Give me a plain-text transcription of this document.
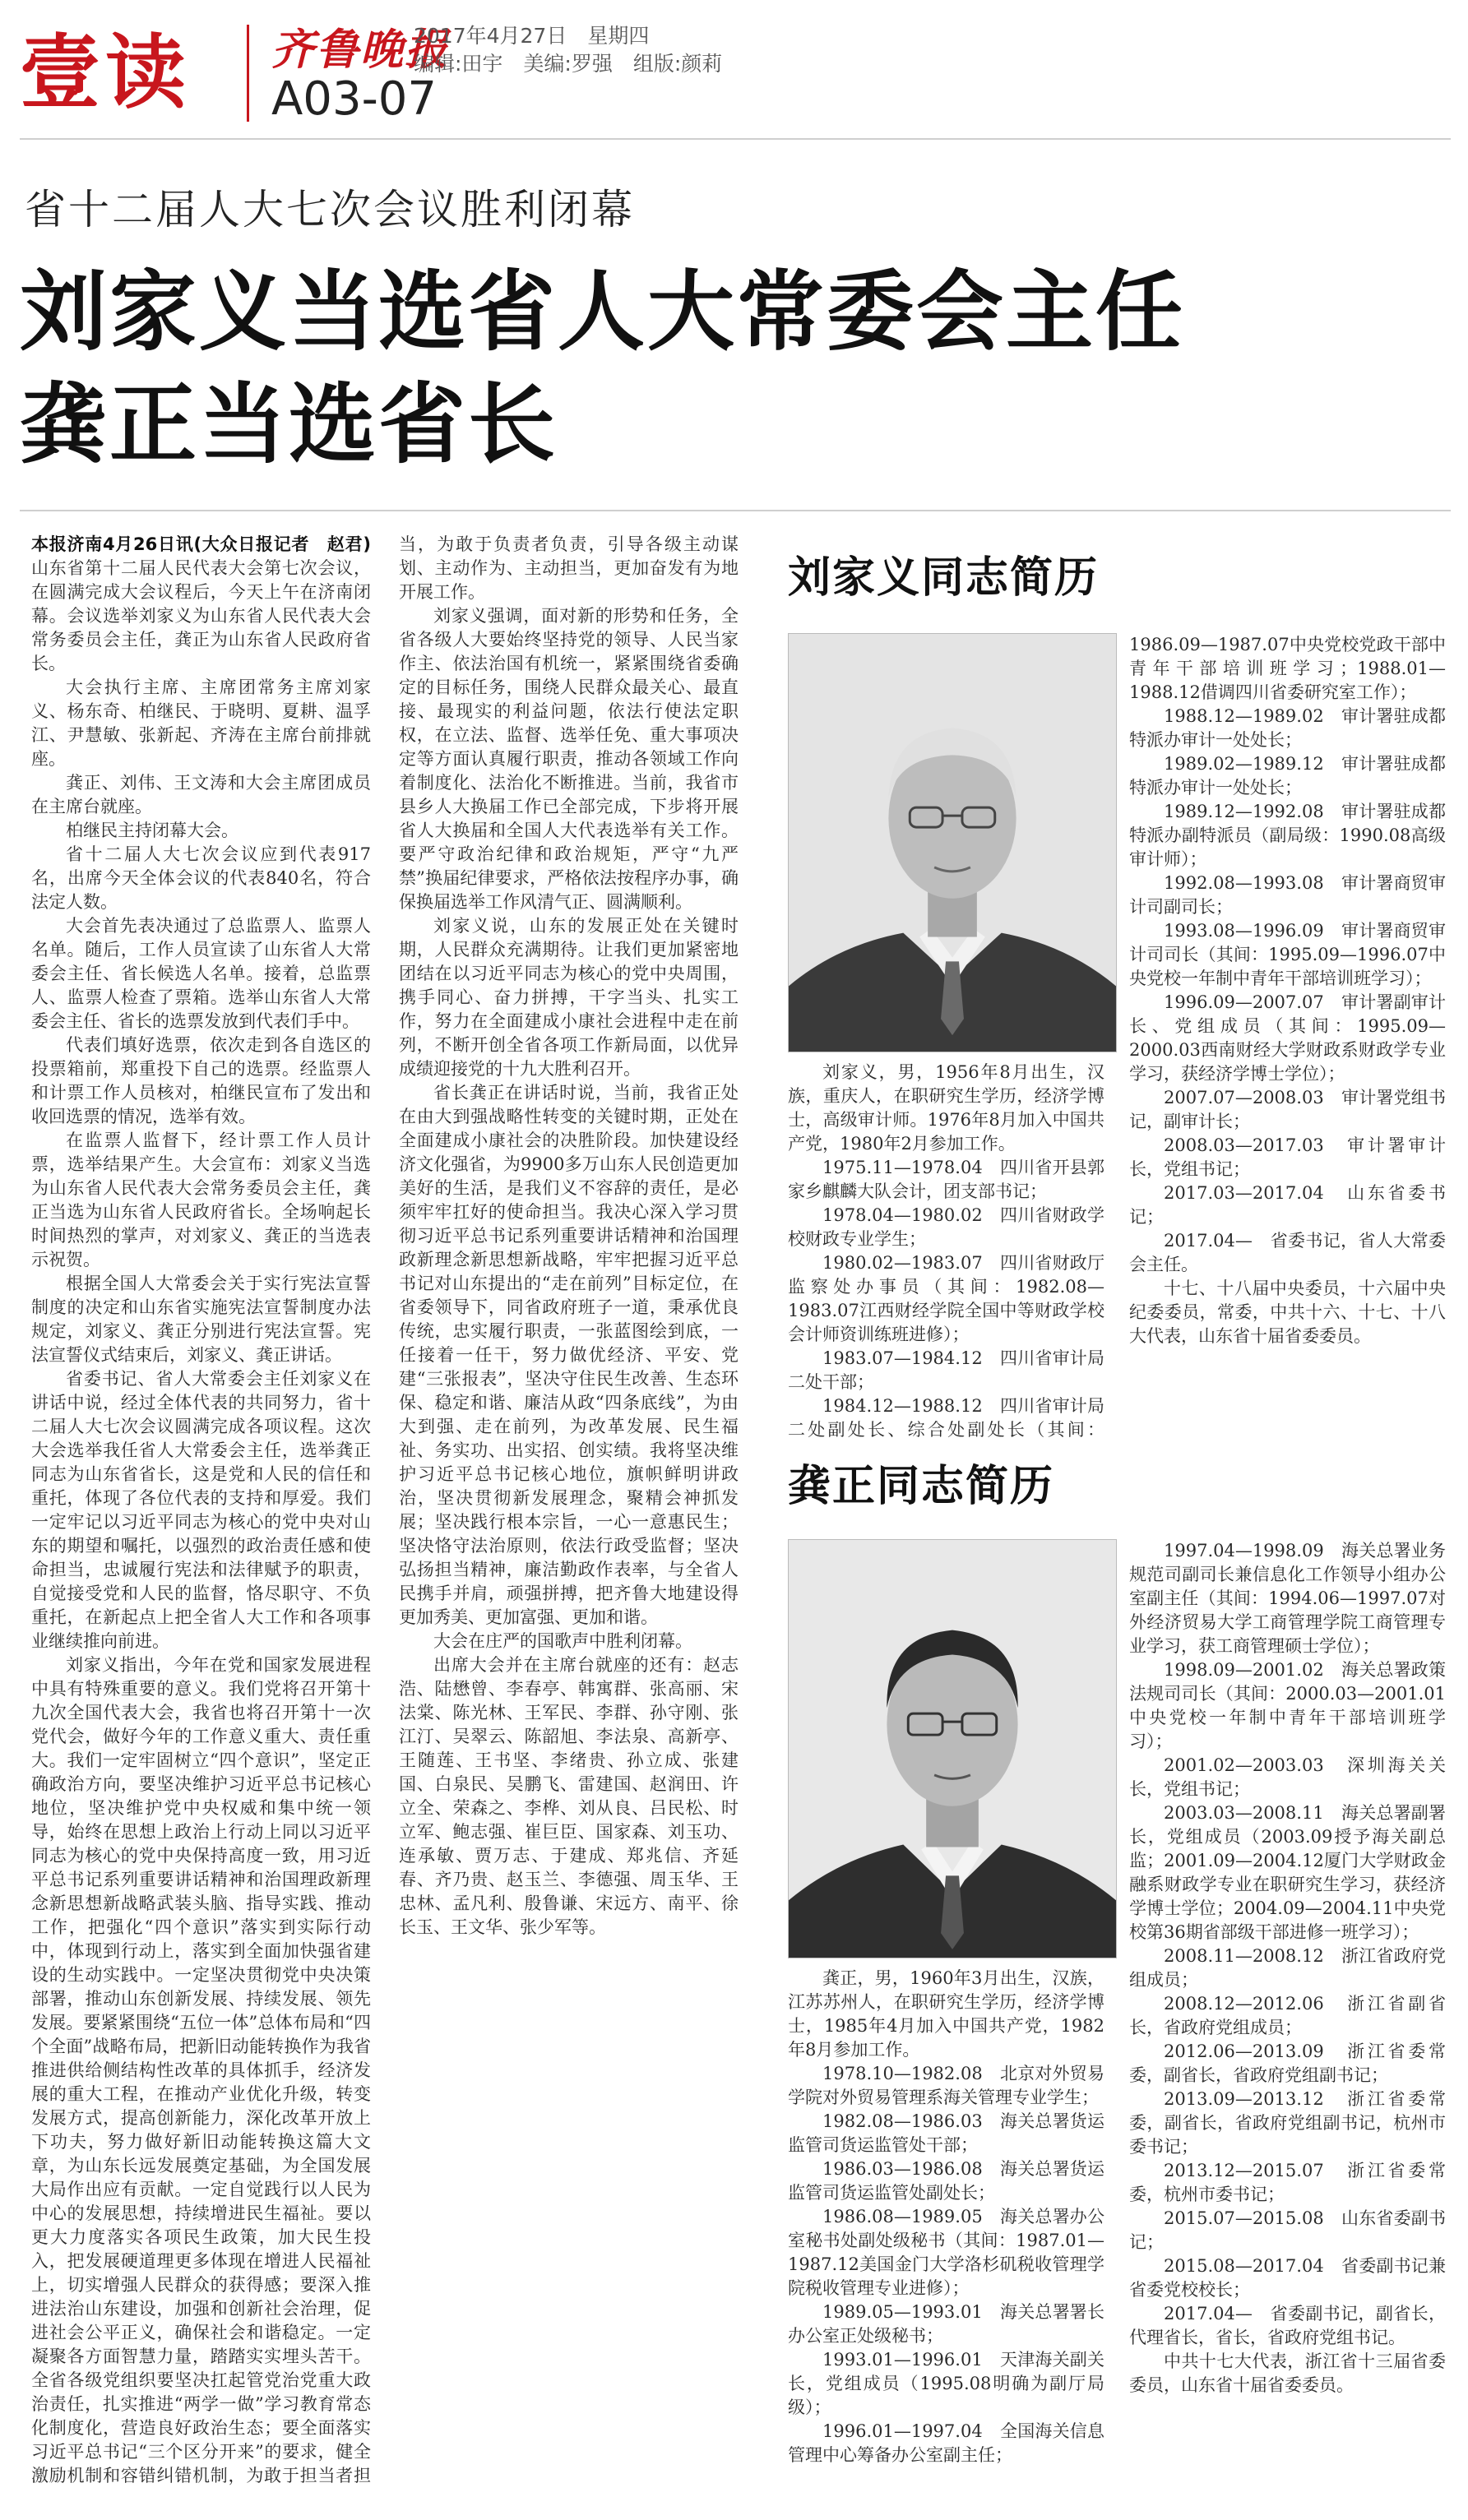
壹读 齐鲁晚报
A03-07
2017年4月27日　星期四
编辑:田宇　美编:罗强　组版:颜莉
省十二届人大七次会议胜利闭幕
刘家义当选省人大常委会主任
龚正当选省长

本报济南4月26日讯(大众日报记者　赵君)　山东省第十二届人民代表大会第七次会议，在圆满完成大会议程后，今天上午在济南闭幕。会议选举刘家义为山东省人民代表大会常务委员会主任，龚正为山东省人民政府省长。

大会执行主席、主席团常务主席刘家义、杨东奇、柏继民、于晓明、夏耕、温孚江、尹慧敏、张新起、齐涛在主席台前排就座。

龚正、刘伟、王文涛和大会主席团成员在主席台就座。

柏继民主持闭幕大会。

省十二届人大七次会议应到代表917名，出席今天全体会议的代表840名，符合法定人数。

大会首先表决通过了总监票人、监票人名单。随后，工作人员宣读了山东省人大常委会主任、省长候选人名单。接着，总监票人、监票人检查了票箱。选举山东省人大常委会主任、省长的选票发放到代表们手中。

代表们填好选票，依次走到各自选区的投票箱前，郑重投下自己的选票。经监票人和计票工作人员核对，柏继民宣布了发出和收回选票的情况，选举有效。

在监票人监督下，经计票工作人员计票，选举结果产生。大会宣布：刘家义当选为山东省人民代表大会常务委员会主任，龚正当选为山东省人民政府省长。全场响起长时间热烈的掌声，对刘家义、龚正的当选表示祝贺。

根据全国人大常委会关于实行宪法宣誓制度的决定和山东省实施宪法宣誓制度办法规定，刘家义、龚正分别进行宪法宣誓。宪法宣誓仪式结束后，刘家义、龚正讲话。

省委书记、省人大常委会主任刘家义在讲话中说，经过全体代表的共同努力，省十二届人大七次会议圆满完成各项议程。这次大会选举我任省人大常委会主任，选举龚正同志为山东省省长，这是党和人民的信任和重托，体现了各位代表的支持和厚爱。我们一定牢记以习近平同志为核心的党中央对山东的期望和嘱托，以强烈的政治责任感和使命担当，忠诚履行宪法和法律赋予的职责，自觉接受党和人民的监督，恪尽职守、不负重托，在新起点上把全省人大工作和各项事业继续推向前进。

刘家义指出，今年在党和国家发展进程中具有特殊重要的意义。我们党将召开第十九次全国代表大会，我省也将召开第十一次党代会，做好今年的工作意义重大、责任重大。我们一定牢固树立“四个意识”，坚定正确政治方向，要坚决维护习近平总书记核心地位，坚决维护党中央权威和集中统一领导，始终在思想上政治上行动上同以习近平同志为核心的党中央保持高度一致，用习近平总书记系列重要讲话精神和治国理政新理念新思想新战略武装头脑、指导实践、推动工作，把强化“四个意识”落实到实际行动中，体现到行动上，落实到全面加快强省建设的生动实践中。一定坚决贯彻党中央决策部署，推动山东创新发展、持续发展、领先发展。要紧紧围绕“五位一体”总体布局和“四个全面”战略布局，把新旧动能转换作为我省推进供给侧结构性改革的具体抓手，经济发展的重大工程，在推动产业优化升级，转变发展方式，提高创新能力，深化改革开放上下功夫，努力做好新旧动能转换这篇大文章，为山东长远发展奠定基础，为全国发展大局作出应有贡献。一定自觉践行以人民为中心的发展思想，持续增进民生福祉。要以更大力度落实各项民生政策，加大民生投入，把发展硬道理更多体现在增进人民福祉上，切实增强人民群众的获得感；要深入推进法治山东建设，加强和创新社会治理，促进社会公平正义，确保社会和谐稳定。一定凝聚各方面智慧力量，踏踏实实埋头苦干。全省各级党组织要坚决扛起管党治党重大政治责任，扎实推进“两学一做”学习教育常态化制度化，营造良好政治生态；要全面落实习近平总书记“三个区分开来”的要求，健全激励机制和容错纠错机制，为敢于担当者担当，为敢于负责者负责，引导各级主动谋划、主动作为、主动担当，更加奋发有为地开展工作。

刘家义强调，面对新的形势和任务，全省各级人大要始终坚持党的领导、人民当家作主、依法治国有机统一，紧紧围绕省委确定的目标任务，围绕人民群众最关心、最直接、最现实的利益问题，依法行使法定职权，在立法、监督、选举任免、重大事项决定等方面认真履行职责，推动各领域工作向着制度化、法治化不断推进。当前，我省市县乡人大换届工作已全部完成，下步将开展省人大换届和全国人大代表选举有关工作。要严守政治纪律和政治规矩，严守“九严禁”换届纪律要求，严格依法按程序办事，确保换届选举工作风清气正、圆满顺利。

刘家义说，山东的发展正处在关键时期，人民群众充满期待。让我们更加紧密地团结在以习近平同志为核心的党中央周围，携手同心、奋力拼搏，干字当头、扎实工作，努力在全面建成小康社会进程中走在前列，不断开创全省各项工作新局面，以优异成绩迎接党的十九大胜利召开。

省长龚正在讲话时说，当前，我省正处在由大到强战略性转变的关键时期，正处在全面建成小康社会的决胜阶段。加快建设经济文化强省，为9900多万山东人民创造更加美好的生活，是我们义不容辞的责任，是必须牢牢扛好的使命担当。我决心深入学习贯彻习近平总书记系列重要讲话精神和治国理政新理念新思想新战略，牢牢把握习近平总书记对山东提出的“走在前列”目标定位，在省委领导下，同省政府班子一道，秉承优良传统，忠实履行职责，一张蓝图绘到底，一任接着一任干，努力做优经济、平安、党建“三张报表”，坚决守住民生改善、生态环保、稳定和谐、廉洁从政“四条底线”，为由大到强、走在前列，为改革发展、民生福祉、务实功、出实招、创实绩。我将坚决维护习近平总书记核心地位，旗帜鲜明讲政治，坚决贯彻新发展理念，聚精会神抓发展；坚决践行根本宗旨，一心一意惠民生；坚决恪守法治原则，依法行政受监督；坚决弘扬担当精神，廉洁勤政作表率，与全省人民携手并肩，顽强拼搏，把齐鲁大地建设得更加秀美、更加富强、更加和谐。

大会在庄严的国歌声中胜利闭幕。

出席大会并在主席台就座的还有：赵志浩、陆懋曾、李春亭、韩寓群、张高丽、宋法棠、陈光林、王军民、李群、孙守刚、张江汀、吴翠云、陈韶旭、李法泉、高新亭、王随莲、王书坚、李绪贵、孙立成、张建国、白泉民、吴鹏飞、雷建国、赵润田、许立全、荣森之、李桦、刘从良、吕民松、时立军、鲍志强、崔巨臣、国家森、刘玉功、连承敏、贾万志、于建成、郑兆信、齐延春、齐乃贵、赵玉兰、李德强、周玉华、王忠林、孟凡利、殷鲁谦、宋远方、南平、徐长玉、王文华、张少军等。

刘家义同志简历

刘家义，男，1956年8月出生，汉族，重庆人，在职研究生学历，经济学博士，高级审计师。1976年8月加入中国共产党，1980年2月参加工作。

1975.11—1978.04　四川省开县郭家乡麒麟大队会计，团支部书记；

1978.04—1980.02　四川省财政学校财政专业学生；

1980.02—1983.07　四川省财政厅监察处办事员（其间：1982.08—1983.07江西财经学院全国中等财政学校会计师资训练班进修）；

1983.07—1984.12　四川省审计局二处干部；

1984.12—1988.12　四川省审计局二处副处长、综合处副处长（其间：1986.09—1987.07中央党校党政干部中青年干部培训班学习；1988.01—1988.12借调四川省委研究室工作）；

1988.12—1989.02　审计署驻成都特派办审计一处处长；

1989.02—1989.12　审计署驻成都特派办审计一处处长；

1989.12—1992.08　审计署驻成都特派办副特派员（副局级：1990.08高级审计师）；

1992.08—1993.08　审计署商贸审计司副司长；

1993.08—1996.09　审计署商贸审计司司长（其间：1995.09—1996.07中央党校一年制中青年干部培训班学习）；

1996.09—2007.07　审计署副审计长、党组成员（其间：1995.09—2000.03西南财经大学财政系财政学专业学习，获经济学博士学位）；

2007.07—2008.03　审计署党组书记，副审计长；

2008.03—2017.03　审计署审计长，党组书记；

2017.03—2017.04　山东省委书记；

2017.04—　省委书记，省人大常委会主任。

十七、十八届中央委员，十六届中央纪委委员，常委，中共十六、十七、十八大代表，山东省十届省委委员。

龚正同志简历

龚正，男，1960年3月出生，汉族，江苏苏州人，在职研究生学历，经济学博士，1985年4月加入中国共产党，1982年8月参加工作。

1978.10—1982.08　北京对外贸易学院对外贸易管理系海关管理专业学生；

1982.08—1986.03　海关总署货运监管司货运监管处干部；

1986.03—1986.08　海关总署货运监管司货运监管处副处长；

1986.08—1989.05　海关总署办公室秘书处副处级秘书（其间：1987.01—1987.12美国金门大学洛杉矶税收管理学院税收管理专业进修）；

1989.05—1993.01　海关总署署长办公室正处级秘书；

1993.01—1996.01　天津海关副关长，党组成员（1995.08明确为副厅局级）；

1996.01—1997.04　全国海关信息管理中心筹备办公室副主任；

1997.04—1998.09　海关总署业务规范司副司长兼信息化工作领导小组办公室副主任（其间：1994.06—1997.07对外经济贸易大学工商管理学院工商管理专业学习，获工商管理硕士学位）；

1998.09—2001.02　海关总署政策法规司司长（其间：2000.03—2001.01中央党校一年制中青年干部培训班学习）；

2001.02—2003.03　深圳海关关长，党组书记；

2003.03—2008.11　海关总署副署长，党组成员（2003.09授予海关副总监；2001.09—2004.12厦门大学财政金融系财政学专业在职研究生学习，获经济学博士学位；2004.09—2004.11中央党校第36期省部级干部进修一班学习）；

2008.11—2008.12　浙江省政府党组成员；

2008.12—2012.06　浙江省副省长，省政府党组成员；

2012.06—2013.09　浙江省委常委，副省长，省政府党组副书记；

2013.09—2013.12　浙江省委常委，副省长，省政府党组副书记，杭州市委书记；

2013.12—2015.07　浙江省委常委，杭州市委书记；

2015.07—2015.08　山东省委副书记；

2015.08—2017.04　省委副书记兼省委党校校长；

2017.04—　省委副书记，副省长，代理省长，省长，省政府党组书记。

中共十七大代表，浙江省十三届省委委员，山东省十届省委委员。
